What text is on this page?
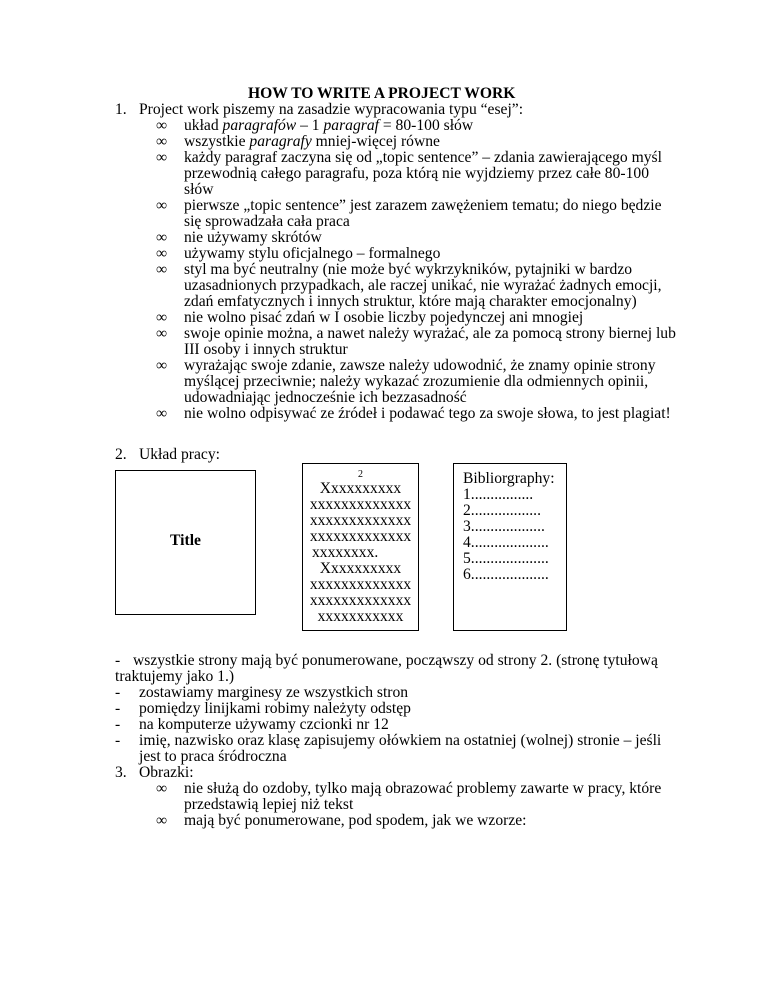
HOW TO WRITE A PROJECT WORK
1. Project work piszemy na zasadzie wypracowania typu “esej”:
∞ układ paragrafów – 1 paragraf = 80-100 słów
∞ wszystkie paragrafy mniej-więcej równe
∞ każdy paragraf zaczyna się od „topic sentence” – zdania zawierającego myśl
przewodnią całego paragrafu, poza którą nie wyjdziemy przez całe 80-100
słów
∞ pierwsze „topic sentence” jest zarazem zawężeniem tematu; do niego będzie
się sprowadzała cała praca
∞ nie używamy skrótów
∞ używamy stylu oficjalnego – formalnego
∞ styl ma być neutralny (nie może być wykrzykników, pytajniki w bardzo
uzasadnionych przypadkach, ale raczej unikać, nie wyrażać żadnych emocji,
zdań emfatycznych i innych struktur, które mają charakter emocjonalny)
∞ nie wolno pisać zdań w I osobie liczby pojedynczej ani mnogiej
∞ swoje opinie można, a nawet należy wyrażać, ale za pomocą strony biernej lub
III osoby i innych struktur
∞ wyrażając swoje zdanie, zawsze należy udowodnić, że znamy opinie strony
myślącej przeciwnie; należy wykazać zrozumienie dla odmiennych opinii,
udowadniając jednocześnie ich bezzasadność
∞ nie wolno odpisywać ze źródeł i podawać tego za swoje słowa, to jest plagiat!
2. Układ pracy:
Title
2
Xxxxxxxxxx
xxxxxxxxxxxxx
xxxxxxxxxxxxx
xxxxxxxxxxxxx
xxxxxxxx.
Xxxxxxxxxx
xxxxxxxxxxxxx
xxxxxxxxxxxxx
xxxxxxxxxxx
Bibliorgraphy:
1................
2..................
3...................
4....................
5....................
6....................
- wszystkie strony mają być ponumerowane, począwszy od strony 2. (stronę tytułową
traktujemy jako 1.)
- zostawiamy marginesy ze wszystkich stron
- pomiędzy linijkami robimy należyty odstęp
- na komputerze używamy czcionki nr 12
- imię, nazwisko oraz klasę zapisujemy ołówkiem na ostatniej (wolnej) stronie – jeśli
jest to praca śródroczna
3. Obrazki:
∞ nie służą do ozdoby, tylko mają obrazować problemy zawarte w pracy, które
przedstawią lepiej niż tekst
∞ mają być ponumerowane, pod spodem, jak we wzorze:
